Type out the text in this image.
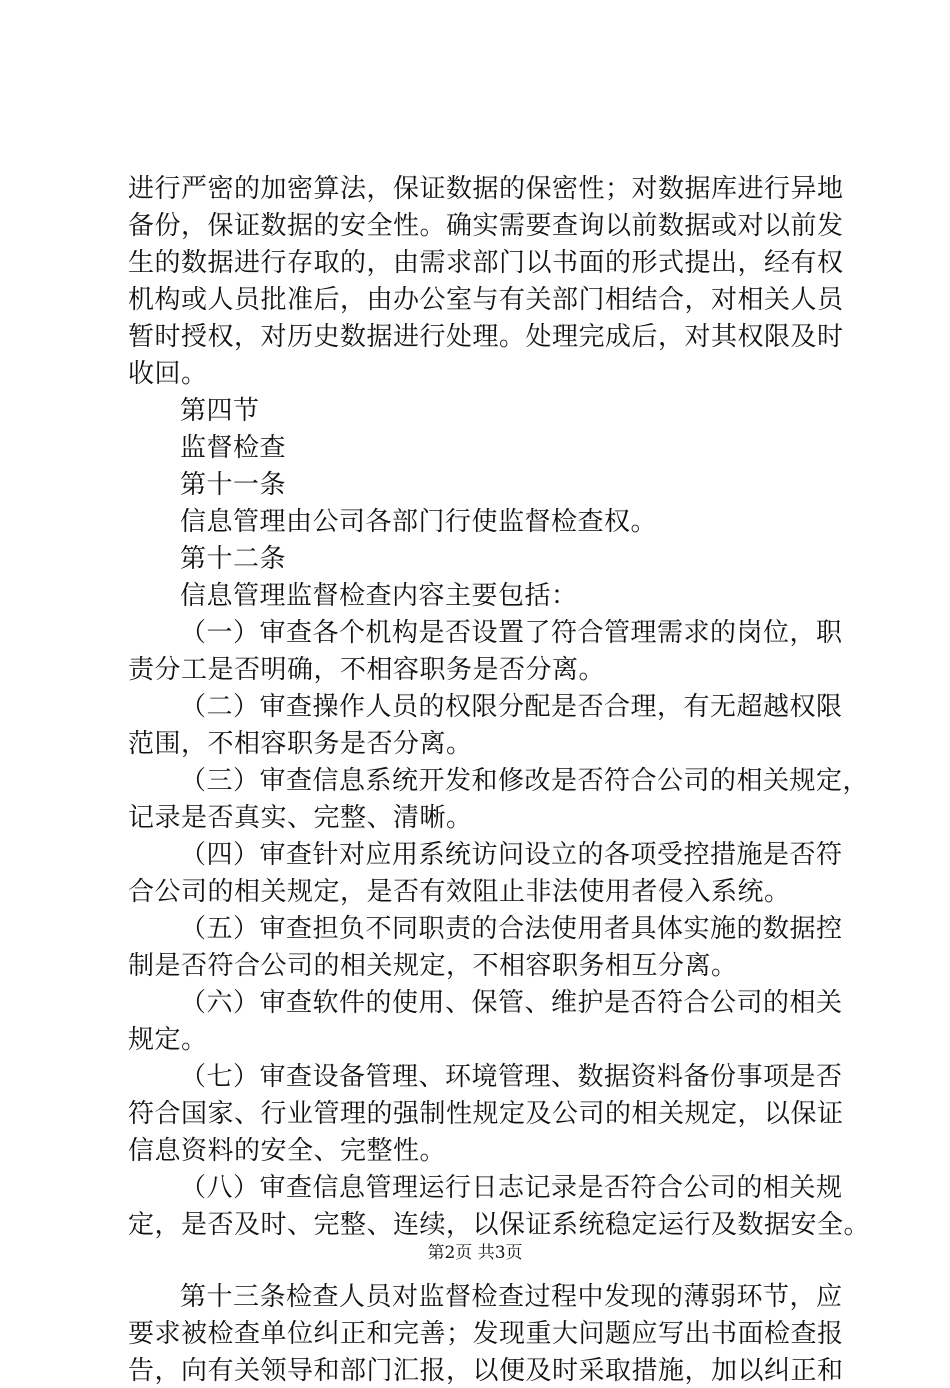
进行严密的加密算法，保证数据的保密性；对数据库进行异地
备份，保证数据的安全性。确实需要查询以前数据或对以前发
生的数据进行存取的，由需求部门以书面的形式提出，经有权
机构或人员批准后，由办公室与有关部门相结合，对相关人员
暂时授权，对历史数据进行处理。处理完成后，对其权限及时
收回。
第四节
监督检查
第十一条
信息管理由公司各部门行使监督检查权。
第十二条
信息管理监督检查内容主要包括：
（一）审查各个机构是否设置了符合管理需求的岗位，职
责分工是否明确，不相容职务是否分离。
（二）审查操作人员的权限分配是否合理，有无超越权限
范围，不相容职务是否分离。
（三）审查信息系统开发和修改是否符合公司的相关规定，
记录是否真实、完整、清晰。
（四）审查针对应用系统访问设立的各项受控措施是否符
合公司的相关规定，是否有效阻止非法使用者侵入系统。
（五）审查担负不同职责的合法使用者具体实施的数据控
制是否符合公司的相关规定，不相容职务相互分离。
（六）审查软件的使用、保管、维护是否符合公司的相关
规定。
（七）审查设备管理、环境管理、数据资料备份事项是否
符合国家、行业管理的强制性规定及公司的相关规定，以保证
信息资料的安全、完整性。
（八）审查信息管理运行日志记录是否符合公司的相关规
定，是否及时、完整、连续，以保证系统稳定运行及数据安全。
第十三条检查人员对监督检查过程中发现的薄弱环节，应
要求被检查单位纠正和完善；发现重大问题应写出书面检查报
告，向有关领导和部门汇报，以便及时采取措施，加以纠正和
第2页 共3页
